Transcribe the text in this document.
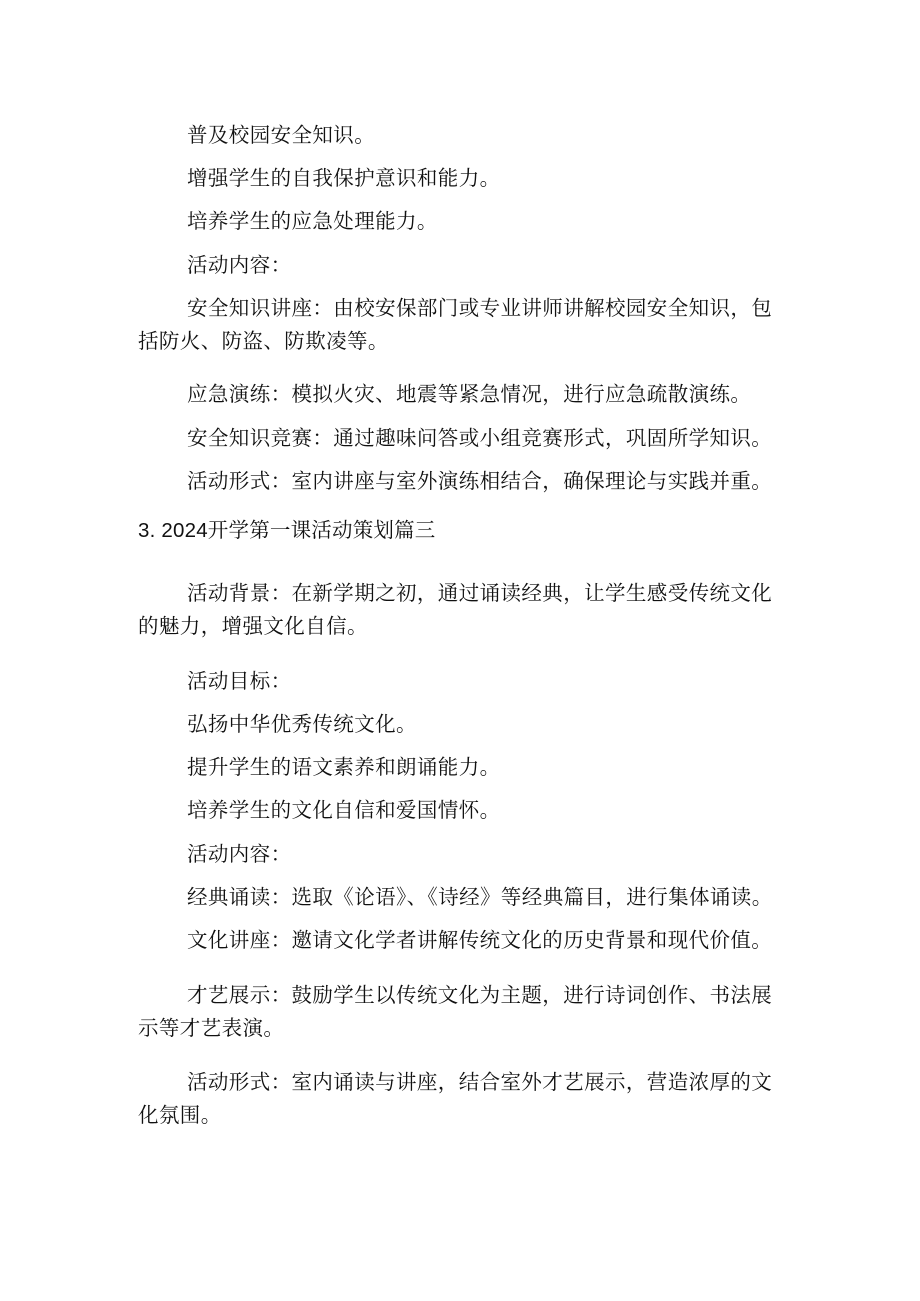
普及校园安全知识。

增强学生的自我保护意识和能力。

培养学生的应急处理能力。

活动内容：

安全知识讲座：由校安保部门或专业讲师讲解校园安全知识，包括防火、防盗、防欺凌等。

应急演练：模拟火灾、地震等紧急情况，进行应急疏散演练。

安全知识竞赛：通过趣味问答或小组竞赛形式，巩固所学知识。

活动形式：室内讲座与室外演练相结合，确保理论与实践并重。

3. 2024开学第一课活动策划篇三

活动背景：在新学期之初，通过诵读经典，让学生感受传统文化的魅力，增强文化自信。

活动目标：

弘扬中华优秀传统文化。

提升学生的语文素养和朗诵能力。

培养学生的文化自信和爱国情怀。

活动内容：

经典诵读：选取《论语》、《诗经》等经典篇目，进行集体诵读。

文化讲座：邀请文化学者讲解传统文化的历史背景和现代价值。

才艺展示：鼓励学生以传统文化为主题，进行诗词创作、书法展示等才艺表演。

活动形式：室内诵读与讲座，结合室外才艺展示，营造浓厚的文化氛围。
